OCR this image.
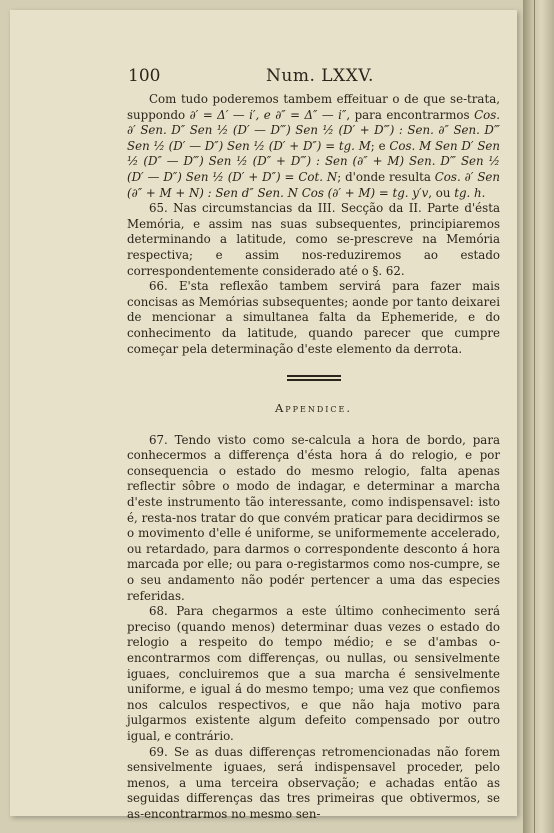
100	Num. LXXV.

Com tudo poderemos tambem effeituar o de que se-trata, suppondo ∂′ = Δ′ — i′, e ∂″ = Δ″ — i″, para encontrarmos Cos. ∂′ Sen. D″ Sen ½ (D′ — D‴) Sen ½ (D′ + D‴) : Sen. ∂″ Sen. D‴ Sen ½ (D′ — D″) Sen ½ (D′ + D″) = tg. M; e Cos. M Sen D′ Sen ½ (D″ — D‴) Sen ½ (D″ + D‴) : Sen (∂″ + M) Sen. D‴ Sen ½ (D′ — D″) Sen ½ (D′ + D″) = Cot. N; d'onde resulta Cos. ∂′ Sen (∂″ + M + N) : Sen d″ Sen. N Cos (∂′ + M) = tg. y′v, ou tg. h.

65. Nas circumstancias da III. Secção da II. Parte d'ésta Memória, e assim nas suas subsequentes, principiaremos determinando a latitude, como se-prescreve na Memória respectiva; e assim nos-reduziremos ao estado correspondentemente considerado até o §. 62.

66. E'sta reflexão tambem servirá para fazer mais concisas as Memórias subsequentes; aonde por tanto deixarei de mencionar a simultanea falta da Ephemeride, e do conhecimento da latitude, quando parecer que cumpre começar pela determinação d'este elemento da derrota.

Appendice.

67. Tendo visto como se-calcula a hora de bordo, para conhecermos a differença d'ésta hora á do relogio, e por consequencia o estado do mesmo relogio, falta apenas reflectir sôbre o modo de indagar, e determinar a marcha d'este instrumento tão interessante, como indispensavel: isto é, resta-nos tratar do que convém praticar para decidirmos se o movimento d'elle é uniforme, se uniformemente accelerado, ou retardado, para darmos o correspondente desconto á hora marcada por elle; ou para o-registarmos como nos-cumpre, se o seu andamento não podér pertencer a uma das especies referidas.

68. Para chegarmos a este último conhecimento será preciso (quando menos) determinar duas vezes o estado do relogio a respeito do tempo médio; e se d'ambas o-encontrarmos com differenças, ou nullas, ou sensivelmente iguaes, concluiremos que a sua marcha é sensivelmente uniforme, e igual á do mesmo tempo; uma vez que confiemos nos calculos respectivos, e que não haja motivo para julgarmos existente algum defeito compensado por outro igual, e contrário.

69. Se as duas differenças retromencionadas não forem sensivelmente iguaes, será indispensavel proceder, pelo menos, a uma terceira observação; e achadas então as seguidas differenças das tres primeiras que obtivermos, se as-encontrarmos no mesmo sen-
